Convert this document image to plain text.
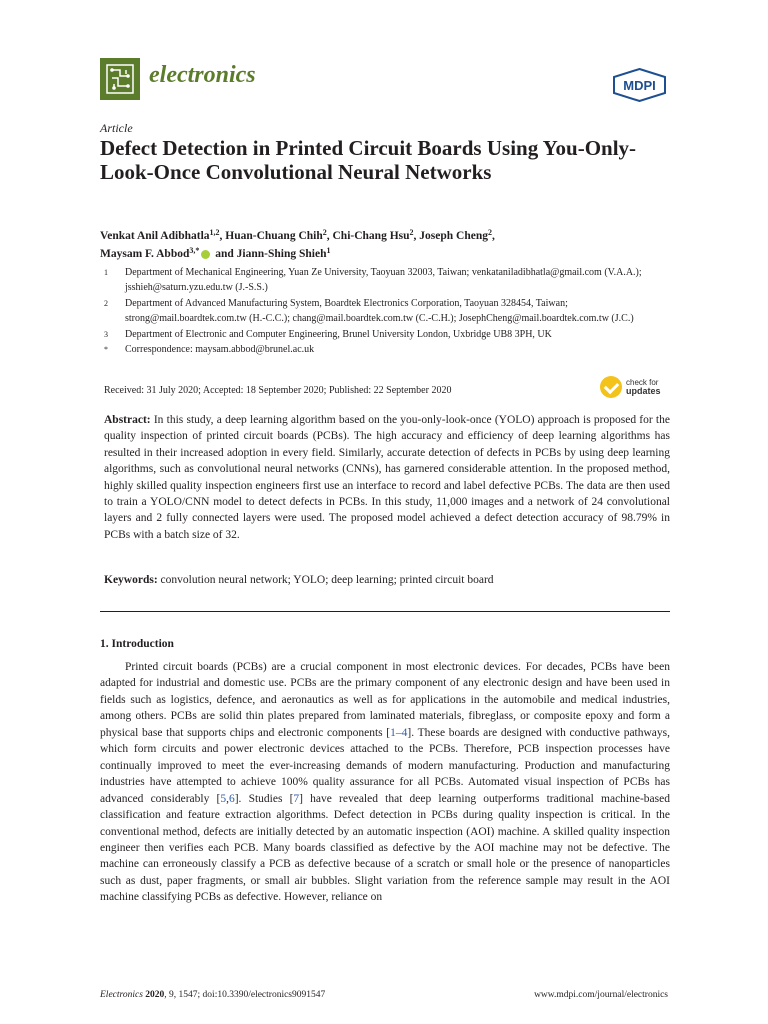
electronics	MDPI
Article
Defect Detection in Printed Circuit Boards Using You-Only-Look-Once Convolutional Neural Networks
Venkat Anil Adibhatla$^{1,2}$, Huan-Chuang Chih$^2$, Chi-Chang Hsu$^2$, Joseph Cheng$^2$,
Maysam F. Abbod$^{3,*}$ and Jiann-Shing Shieh$^1$
1	Department of Mechanical Engineering, Yuan Ze University, Taoyuan 32003, Taiwan; venkataniladibhatla@gmail.com (V.A.A.); jsshieh@saturn.yzu.edu.tw (J.-S.S.)
2	Department of Advanced Manufacturing System, Boardtek Electronics Corporation, Taoyuan 328454, Taiwan; strong@mail.boardtek.com.tw (H.-C.C.); chang@mail.boardtek.com.tw (C.-C.H.); JosephCheng@mail.boardtek.com.tw (J.C.)
3	Department of Electronic and Computer Engineering, Brunel University London, Uxbridge UB8 3PH, UK
*	Correspondence: maysam.abbod@brunel.ac.uk
Received: 31 July 2020; Accepted: 18 September 2020; Published: 22 September 2020
check for
updates
Abstract: In this study, a deep learning algorithm based on the you-only-look-once (YOLO) approach is proposed for the quality inspection of printed circuit boards (PCBs). The high accuracy and efficiency of deep learning algorithms has resulted in their increased adoption in every field. Similarly, accurate detection of defects in PCBs by using deep learning algorithms, such as convolutional neural networks (CNNs), has garnered considerable attention. In the proposed method, highly skilled quality inspection engineers first use an interface to record and label defective PCBs. The data are then used to train a YOLO/CNN model to detect defects in PCBs. In this study, 11,000 images and a network of 24 convolutional layers and 2 fully connected layers were used. The proposed model achieved a defect detection accuracy of 98.79% in PCBs with a batch size of 32.
Keywords: convolution neural network; YOLO; deep learning; printed circuit board
1. Introduction

Printed circuit boards (PCBs) are a crucial component in most electronic devices. For decades, PCBs have been adapted for industrial and domestic use. PCBs are the primary component of any electronic design and have been used in fields such as logistics, defence, and aeronautics as well as for applications in the automobile and medical industries, among others. PCBs are solid thin plates prepared from laminated materials, fibreglass, or composite epoxy and form a physical base that supports chips and electronic components [1–4]. These boards are designed with conductive pathways, which form circuits and power electronic devices attached to the PCBs. Therefore, PCB inspection processes have continually improved to meet the ever-increasing demands of modern manufacturing. Production and manufacturing industries have attempted to achieve 100% quality assurance for all PCBs. Automated visual inspection of PCBs has advanced considerably [5,6]. Studies [7] have revealed that deep learning outperforms traditional machine-based classification and feature extraction algorithms. Defect detection in PCBs during quality inspection is critical. In the conventional method, defects are initially detected by an automatic inspection (AOI) machine. A skilled quality inspection engineer then verifies each PCB. Many boards classified as defective by the AOI machine may not be defective. The machine can erroneously classify a PCB as defective because of a scratch or small hole or the presence of nanoparticles such as dust, paper fragments, or small air bubbles. Slight variation from the reference sample may result in the AOI machine classifying PCBs as defective. However, reliance on

Electronics 2020, 9, 1547; doi:10.3390/electronics9091547	www.mdpi.com/journal/electronics
